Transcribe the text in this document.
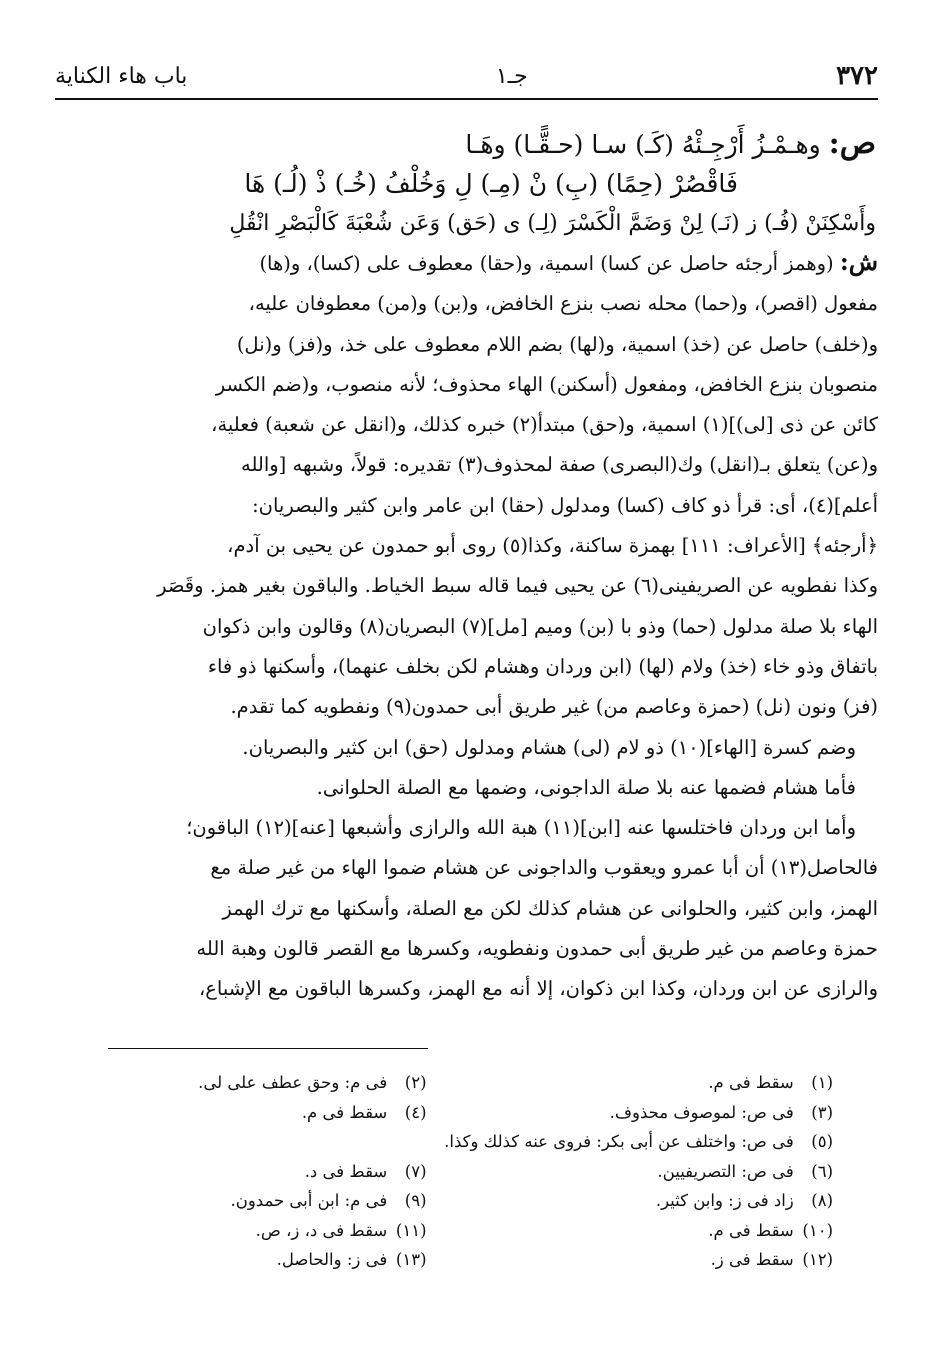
٣٧٢
جـ١
باب هاء الكناية
ص: وهـمْـزُ أَرْجِـئْهُ (كَـ) سـا (حـقًّـا) وهَـا
فَاقْصُرْ (حِمًا) (بِ) نْ (مِـ) لِ وَخُلْفُ (خُـ) ذْ (لُـ) هَا
وأَسْكِنَنْ (فُـ) ز (نَـ) لِنْ وَضَمَّ الْكَسْرَ (لِـ) ى (حَق) وَعَن شُعْبَةَ كَالْبَصْرِ انْقُلِ

ش: (وهمز أرجئه حاصل عن كسا) اسمية، و(حقا) معطوف على (كسا)، و(ها)

مفعول (اقصر)، و(حما) محله نصب بنزع الخافض، و(بن) و(من) معطوفان عليه،

و(خلف) حاصل عن (خذ) اسمية، و(لها) بضم اللام معطوف على خذ، و(فز) و(نل)

منصوبان بنزع الخافض، ومفعول (أسكنن) الهاء محذوف؛ لأنه منصوب، و(ضم الكسر

كائن عن ذى [لى)](١) اسمية، و(حق) مبتدأ(٢) خبره كذلك، و(انقل عن شعبة) فعلية،

و(عن) يتعلق بـ(انقل) وك(البصرى) صفة لمحذوف(٣) تقديره: قولاً، وشبهه [والله

أعلم](٤)، أى: قرأ ذو كاف (كسا) ومدلول (حقا) ابن عامر وابن كثير والبصريان:

﴿أرجئه﴾ [الأعراف: ١١١] بهمزة ساكنة، وكذا(٥) روى أبو حمدون عن يحيى بن آدم،

وكذا نفطويه عن الصريفينى(٦) عن يحيى فيما قاله سبط الخياط. والباقون بغير همز. وقَصَر

الهاء بلا صلة مدلول (حما) وذو با (بن) وميم [مل](٧) البصريان(٨) وقالون وابن ذكوان

باتفاق وذو خاء (خذ) ولام (لها) (ابن وردان وهشام لكن بخلف عنهما)، وأسكنها ذو فاء

(فز) ونون (نل) (حمزة وعاصم من) غير طريق أبى حمدون(٩) ونفطويه كما تقدم.

وضم كسرة [الهاء](١٠) ذو لام (لى) هشام ومدلول (حق) ابن كثير والبصريان.

فأما هشام فضمها عنه بلا صلة الداجونى، وضمها مع الصلة الحلوانى.

وأما ابن وردان فاختلسها عنه [ابن](١١) هبة الله والرازى وأشبعها [عنه](١٢) الباقون؛

فالحاصل(١٣) أن أبا عمرو ويعقوب والداجونى عن هشام ضموا الهاء من غير صلة مع

الهمز، وابن كثير، والحلوانى عن هشام كذلك لكن مع الصلة، وأسكنها مع ترك الهمز

حمزة وعاصم من غير طريق أبى حمدون ونفطويه، وكسرها مع القصر قالون وهبة الله

والرازى عن ابن وردان، وكذا ابن ذكوان، إلا أنه مع الهمز، وكسرها الباقون مع الإشباع،

(١) سقط فى م.
(٢) فى م: وحق عطف على لى.
(٣) فى ص: لموصوف محذوف.
(٤) سقط فى م.
(٥) فى ص: واختلف عن أبى بكر: فروى عنه كذلك وكذا.
(٦) فى ص: التصريفيين.
(٧) سقط فى د.
(٨) زاد فى ز: وابن كثير.
(٩) فى م: ابن أبى حمدون.
(١٠) سقط فى م.
(١١) سقط فى د، ز، ص.
(١٢) سقط فى ز.
(١٣) فى ز: والحاصل.
